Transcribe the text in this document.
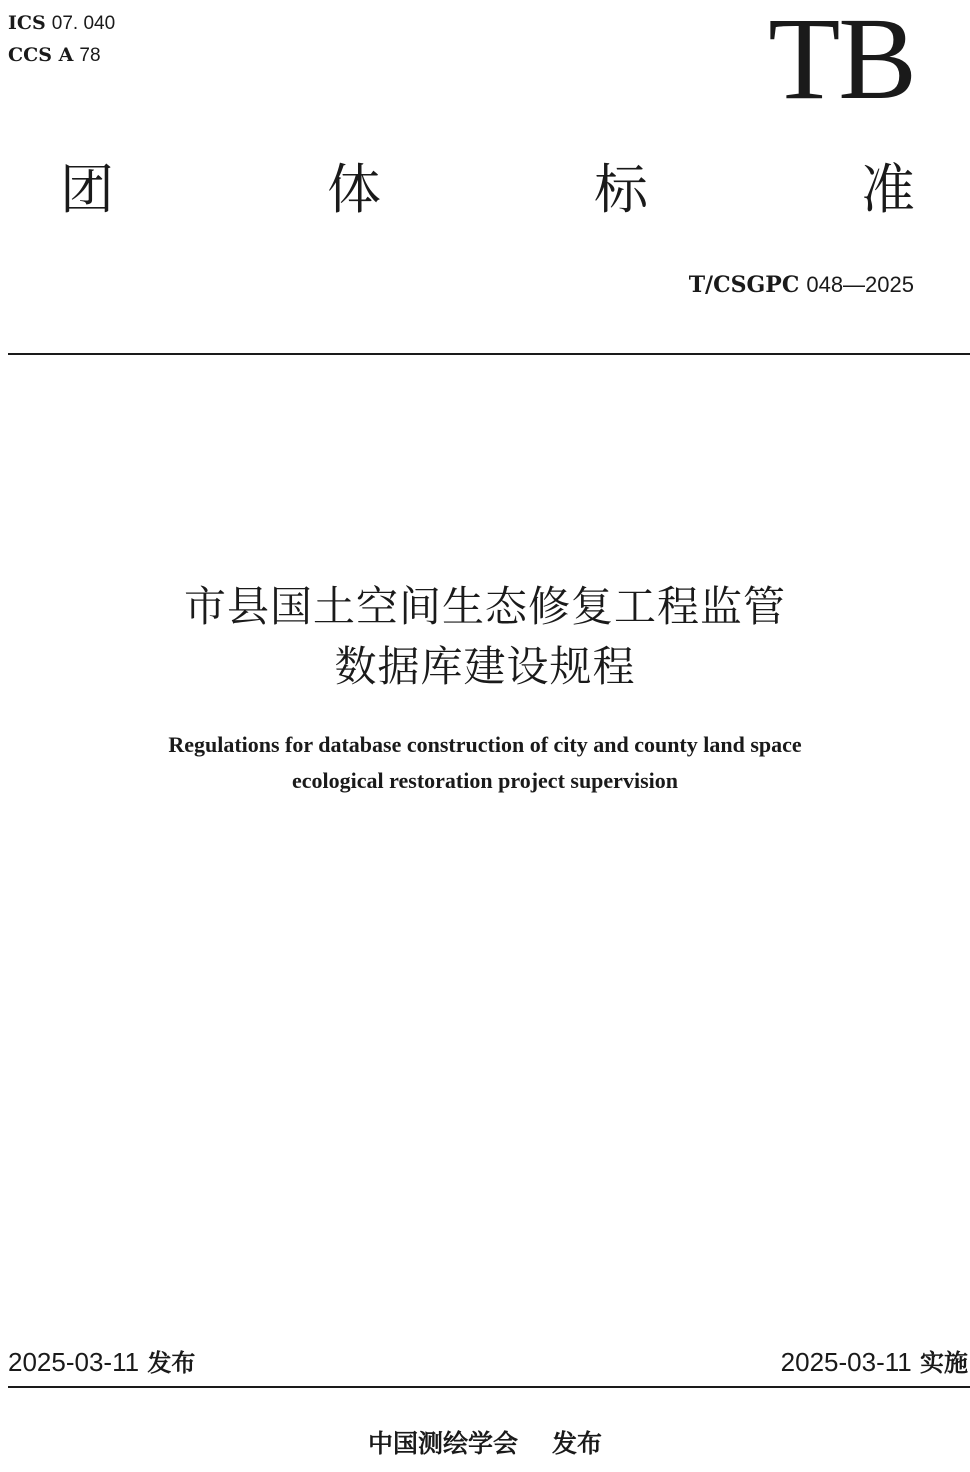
ICS 07. 040
CCS A 78	TB
团	体	标	准
T/CSGPC 048—2025
市县国土空间生态修复工程监管
数据库建设规程
Regulations for database construction of city and county land space
ecological restoration project supervision
2025-03-11 发布	2025-03-11 实施
中国测绘学会 发布
